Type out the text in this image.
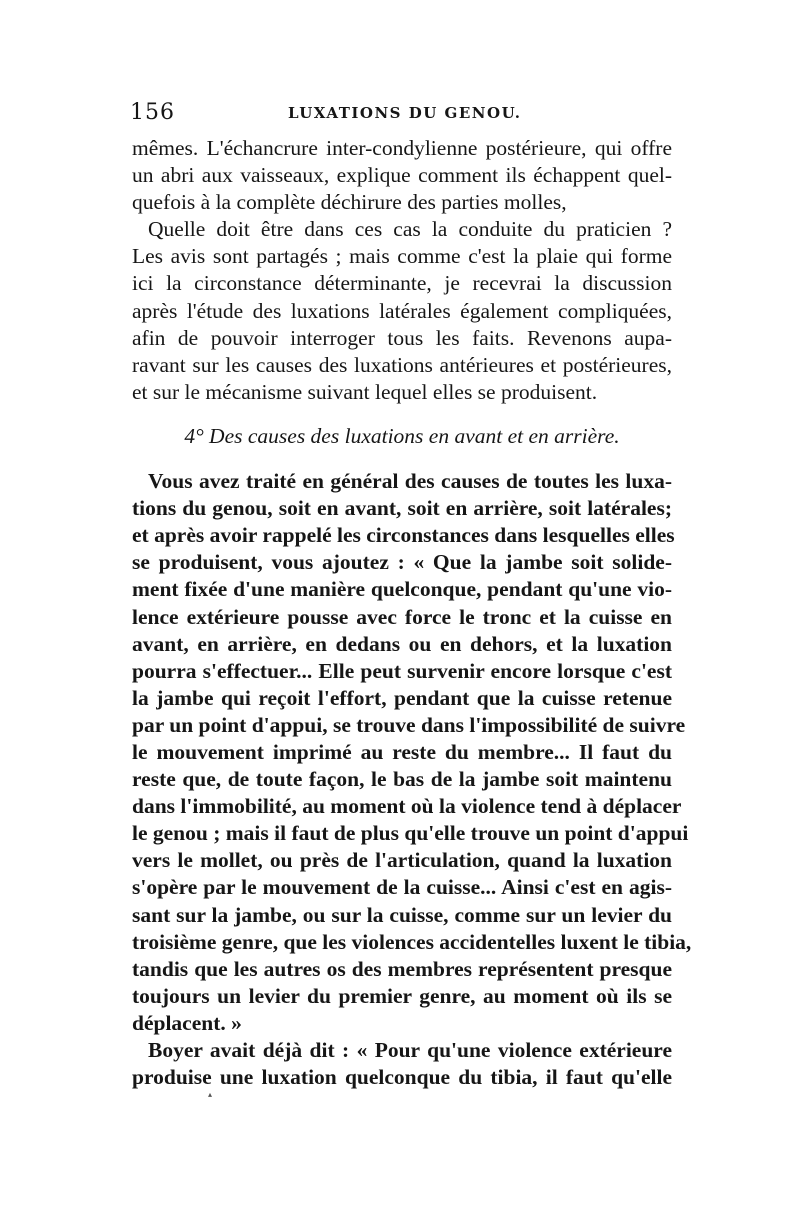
156	LUXATIONS DU GENOU.
mêmes. L'échancrure inter-condylienne postérieure, qui offre
un abri aux vaisseaux, explique comment ils échappent quel-
quefois à la complète déchirure des parties molles,
Quelle doit être dans ces cas la conduite du praticien ?
Les avis sont partagés ; mais comme c'est la plaie qui forme
ici la circonstance déterminante, je recevrai la discussion
après l'étude des luxations latérales également compliquées,
afin de pouvoir interroger tous les faits. Revenons aupa-
ravant sur les causes des luxations antérieures et postérieures,
et sur le mécanisme suivant lequel elles se produisent.
4° Des causes des luxations en avant et en arrière.
Vous avez traité en général des causes de toutes les luxa-
tions du genou, soit en avant, soit en arrière, soit latérales;
et après avoir rappelé les circonstances dans lesquelles elles
se produisent, vous ajoutez : « Que la jambe soit solide-
ment fixée d'une manière quelconque, pendant qu'une vio-
lence extérieure pousse avec force le tronc et la cuisse en
avant, en arrière, en dedans ou en dehors, et la luxation
pourra s'effectuer... Elle peut survenir encore lorsque c'est
la jambe qui reçoit l'effort, pendant que la cuisse retenue
par un point d'appui, se trouve dans l'impossibilité de suivre
le mouvement imprimé au reste du membre... Il faut du
reste que, de toute façon, le bas de la jambe soit maintenu
dans l'immobilité, au moment où la violence tend à déplacer
le genou ; mais il faut de plus qu'elle trouve un point d'appui
vers le mollet, ou près de l'articulation, quand la luxation
s'opère par le mouvement de la cuisse... Ainsi c'est en agis-
sant sur la jambe, ou sur la cuisse, comme sur un levier du
troisième genre, que les violences accidentelles luxent le tibia,
tandis que les autres os des membres représentent presque
toujours un levier du premier genre, au moment où ils se
déplacent. »
Boyer avait déjà dit : « Pour qu'une violence extérieure
produise une luxation quelconque du tibia, il faut qu'elle
▴
